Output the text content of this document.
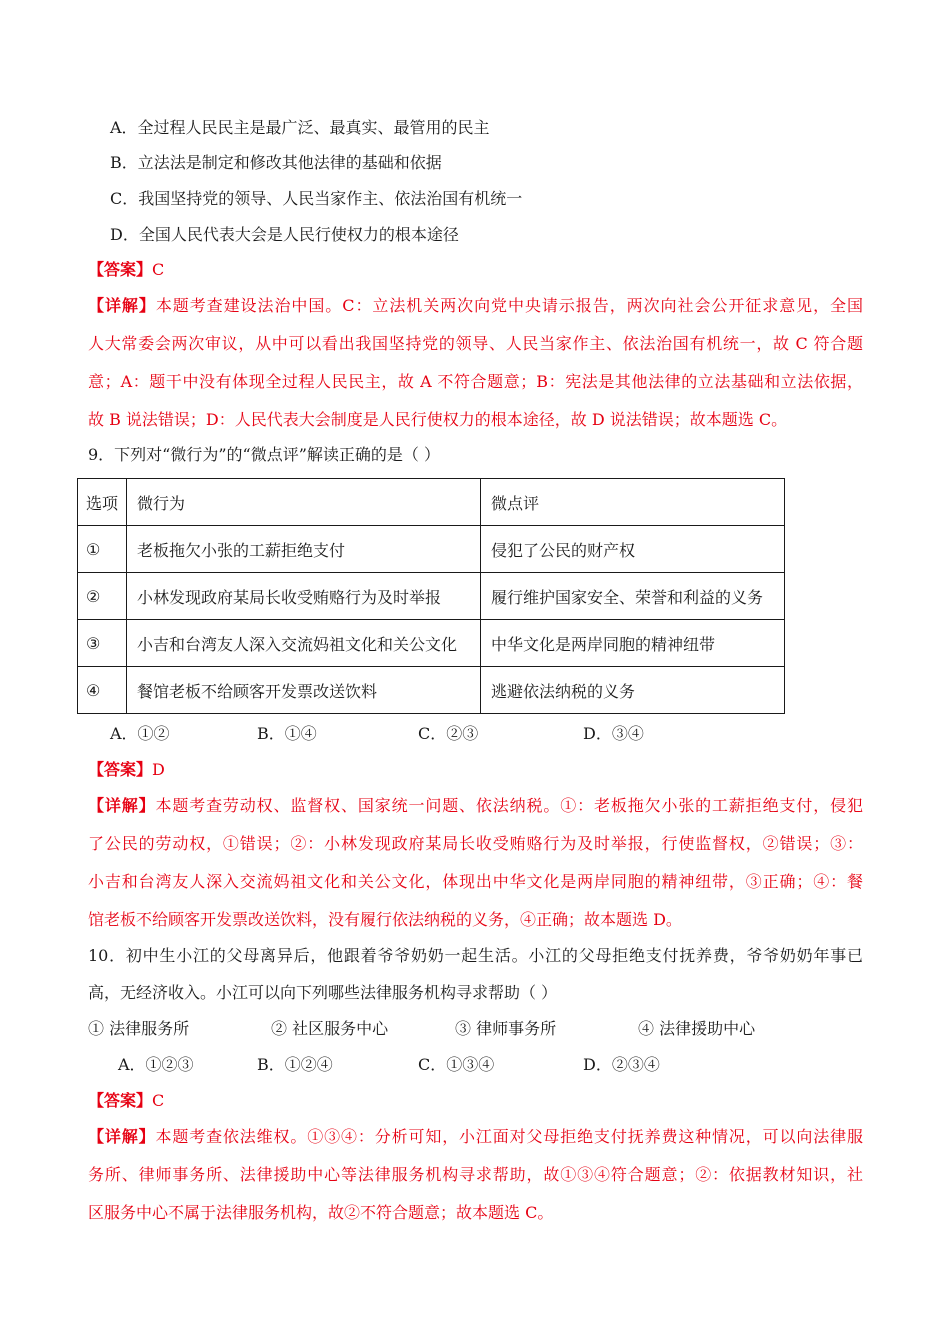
A．全过程人民民主是最广泛、最真实、最管用的民主
B．立法法是制定和修改其他法律的基础和依据
C．我国坚持党的领导、人民当家作主、依法治国有机统一
D．全国人民代表大会是人民行使权力的根本途径
【答案】C
【详解】本题考查建设法治中国。C：立法机关两次向党中央请示报告，两次向社会公开征求意见，全国
人大常委会两次审议，从中可以看出我国坚持党的领导、人民当家作主、依法治国有机统一，故 C 符合题
意；A：题干中没有体现全过程人民民主，故 A 不符合题意；B：宪法是其他法律的立法基础和立法依据，
故 B 说法错误；D：人民代表大会制度是人民行使权力的根本途径，故 D 说法错误；故本题选 C。
9．下列对“微行为”的“微点评”解读正确的是（ ）
选项	微行为	微点评
①	老板拖欠小张的工薪拒绝支付	侵犯了公民的财产权
②	小林发现政府某局长收受贿赂行为及时举报	履行维护国家安全、荣誉和利益的义务
③	小吉和台湾友人深入交流妈祖文化和关公文化	中华文化是两岸同胞的精神纽带
④	餐馆老板不给顾客开发票改送饮料	逃避依法纳税的义务
A．①②	B．①④	C．②③	D．③④
【答案】D
【详解】本题考查劳动权、监督权、国家统一问题、依法纳税。①：老板拖欠小张的工薪拒绝支付，侵犯
了公民的劳动权，①错误；②：小林发现政府某局长收受贿赂行为及时举报，行使监督权，②错误；③：
小吉和台湾友人深入交流妈祖文化和关公文化，体现出中华文化是两岸同胞的精神纽带，③正确；④：餐
馆老板不给顾客开发票改送饮料，没有履行依法纳税的义务，④正确；故本题选 D。
10．初中生小江的父母离异后，他跟着爷爷奶奶一起生活。小江的父母拒绝支付抚养费，爷爷奶奶年事已
高，无经济收入。小江可以向下列哪些法律服务机构寻求帮助（ ）
① 法律服务所	② 社区服务中心	③ 律师事务所	④ 法律援助中心
A．①②③	B．①②④	C．①③④	D．②③④
【答案】C
【详解】本题考查依法维权。①③④：分析可知，小江面对父母拒绝支付抚养费这种情况，可以向法律服
务所、律师事务所、法律援助中心等法律服务机构寻求帮助，故①③④符合题意；②：依据教材知识，社
区服务中心不属于法律服务机构，故②不符合题意；故本题选 C。
